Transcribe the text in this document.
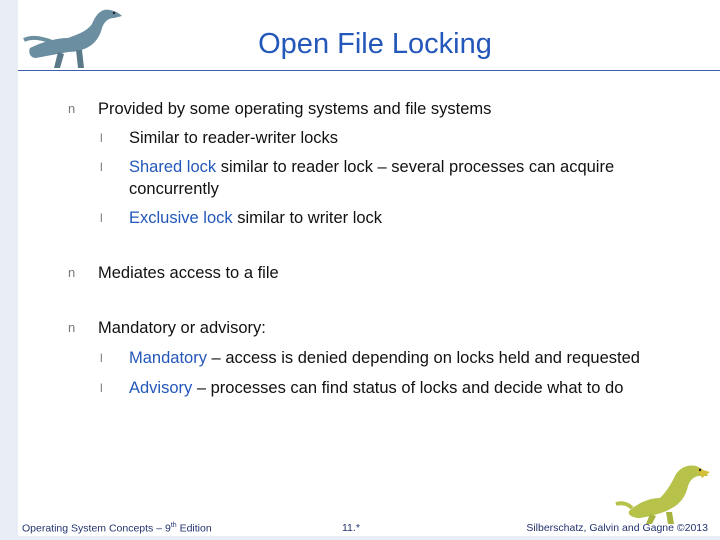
Open File Locking
n Provided by some operating systems and file systems
l Similar to reader-writer locks
l Shared lock similar to reader lock – several processes can acquire concurrently
l Exclusive lock similar to writer lock
n Mediates access to a file
n Mandatory or advisory:
l Mandatory – access is denied depending on locks held and requested
l Advisory – processes can find status of locks and decide what to do
Operating System Concepts – 9th Edition	11.*	Silberschatz, Galvin and Gagne ©2013
